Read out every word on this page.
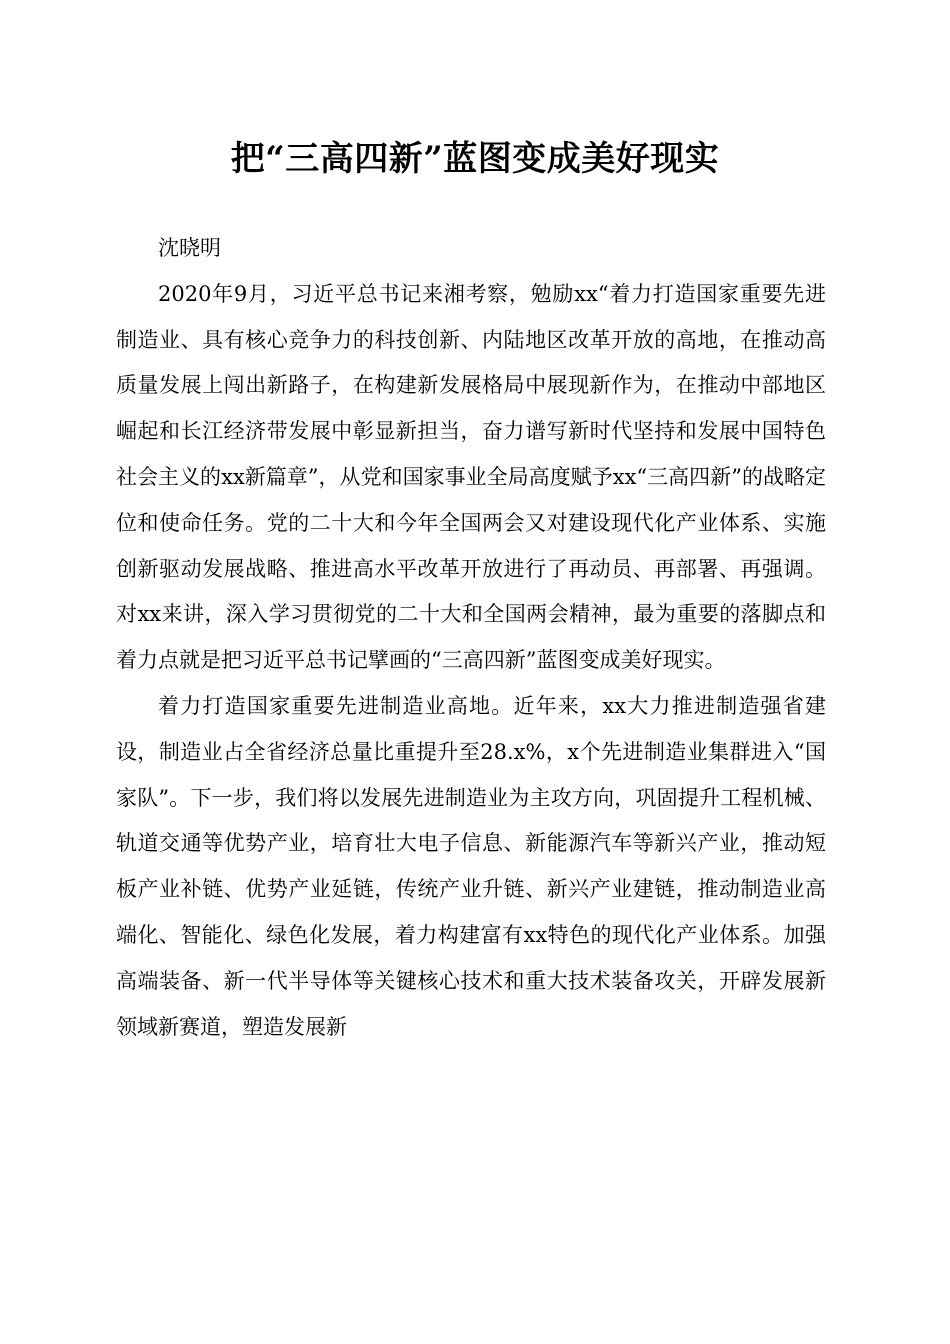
把“三高四新”蓝图变成美好现实

沈晓明

2020年9月，习近平总书记来湘考察，勉励xx“着力打造国家重要先进制造业、具有核心竞争力的科技创新、内陆地区改革开放的高地，在推动高质量发展上闯出新路子，在构建新发展格局中展现新作为，在推动中部地区崛起和长江经济带发展中彰显新担当，奋力谱写新时代坚持和发展中国特色社会主义的xx新篇章”，从党和国家事业全局高度赋予xx“三高四新”的战略定位和使命任务。党的二十大和今年全国两会又对建设现代化产业体系、实施创新驱动发展战略、推进高水平改革开放进行了再动员、再部署、再强调。对xx来讲，深入学习贯彻党的二十大和全国两会精神，最为重要的落脚点和着力点就是把习近平总书记擘画的“三高四新”蓝图变成美好现实。

着力打造国家重要先进制造业高地。近年来，xx大力推进制造强省建设，制造业占全省经济总量比重提升至28.x%，x个先进制造业集群进入“国家队”。下一步，我们将以发展先进制造业为主攻方向，巩固提升工程机械、轨道交通等优势产业，培育壮大电子信息、新能源汽车等新兴产业，推动短板产业补链、优势产业延链，传统产业升链、新兴产业建链，推动制造业高端化、智能化、绿色化发展，着力构建富有xx特色的现代化产业体系。加强高端装备、新一代半导体等关键核心技术和重大技术装备攻关，开辟发展新领域新赛道，塑造发展新
